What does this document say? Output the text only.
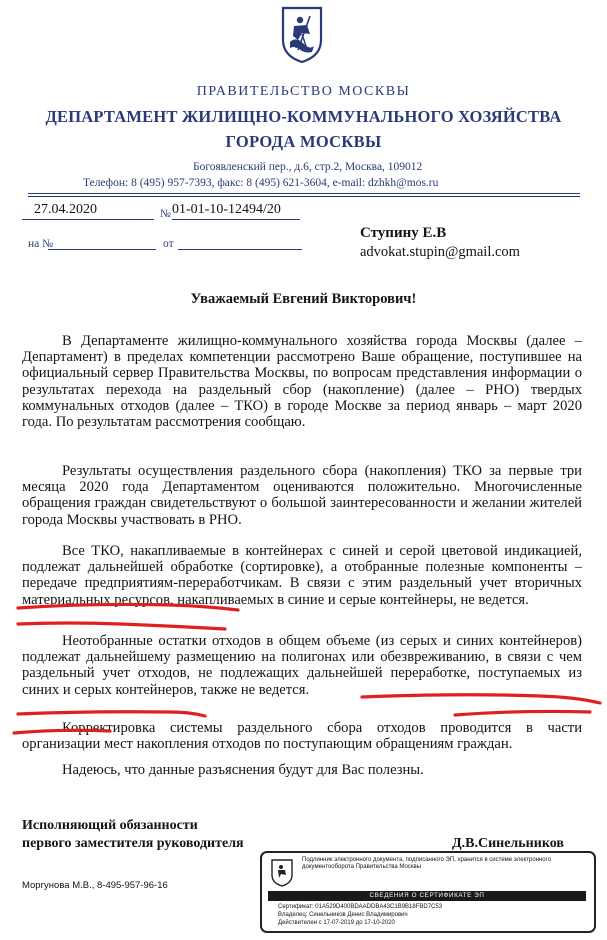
ПРАВИТЕЛЬСТВО МОСКВЫ
ДЕПАРТАМЕНТ ЖИЛИЩНО-КОММУНАЛЬНОГО ХОЗЯЙСТВА
ГОРОДА МОСКВЫ
Богоявленский пер., д.6, стр.2, Москва, 109012
Телефон: 8 (495) 957-7393, факс: 8 (495) 621-3604, e-mail: dzhkh@mos.ru
27.04.2020	№ 01-01-10-12494/20
на №	от
Ступину Е.В
advokat.stupin@gmail.com
Уважаемый Евгений Викторович!
В Департаменте жилищно-коммунального хозяйства города Москвы (далее – Департамент) в пределах компетенции рассмотрено Ваше обращение, поступившее на официальный сервер Правительства Москвы, по вопросам представления информации о результатах перехода на раздельный сбор (накопление) (далее – РНО) твердых коммунальных отходов (далее – ТКО) в городе Москве за период январь – март 2020 года. По результатам рассмотрения сообщаю.
Результаты осуществления раздельного сбора (накопления) ТКО за первые три месяца 2020 года Департаментом оцениваются положительно. Многочисленные обращения граждан свидетельствуют о большой заинтересованности и желании жителей города Москвы участвовать в РНО.
Все ТКО, накапливаемые в контейнерах с синей и серой цветовой индикацией, подлежат дальнейшей обработке (сортировке), а отобранные полезные компоненты – передаче предприятиям-переработчикам. В связи с этим раздельный учет вторичных материальных ресурсов, накапливаемых в синие и серые контейнеры, не ведется.
Неотобранные остатки отходов в общем объеме (из серых и синих контейнеров) подлежат дальнейшему размещению на полигонах или обезвреживанию, в связи с чем раздельный учет отходов, не подлежащих дальнейшей переработке, поступаемых из синих и серых контейнеров, также не ведется.
Корректировка системы раздельного сбора отходов проводится в части организации мест накопления отходов по поступающим обращениям граждан.
Надеюсь, что данные разъяснения будут для Вас полезны.
Исполняющий обязанности
первого заместителя руководителя	Д.В.Синельников
Моргунова М.В., 8-495-957-96-16
Подлинник электронного документа, подписанного ЭП, хранится в системе электронного документооборота Правительства Москвы
СВЕДЕНИЯ О СЕРТИФИКАТЕ ЭП
Сертификат: 01A529D400BDAADDBA43C1B9B18FBD7C53
Владелец: Синельников Денис Владимирович
Действителен с 17-07-2019 до 17-10-2020
